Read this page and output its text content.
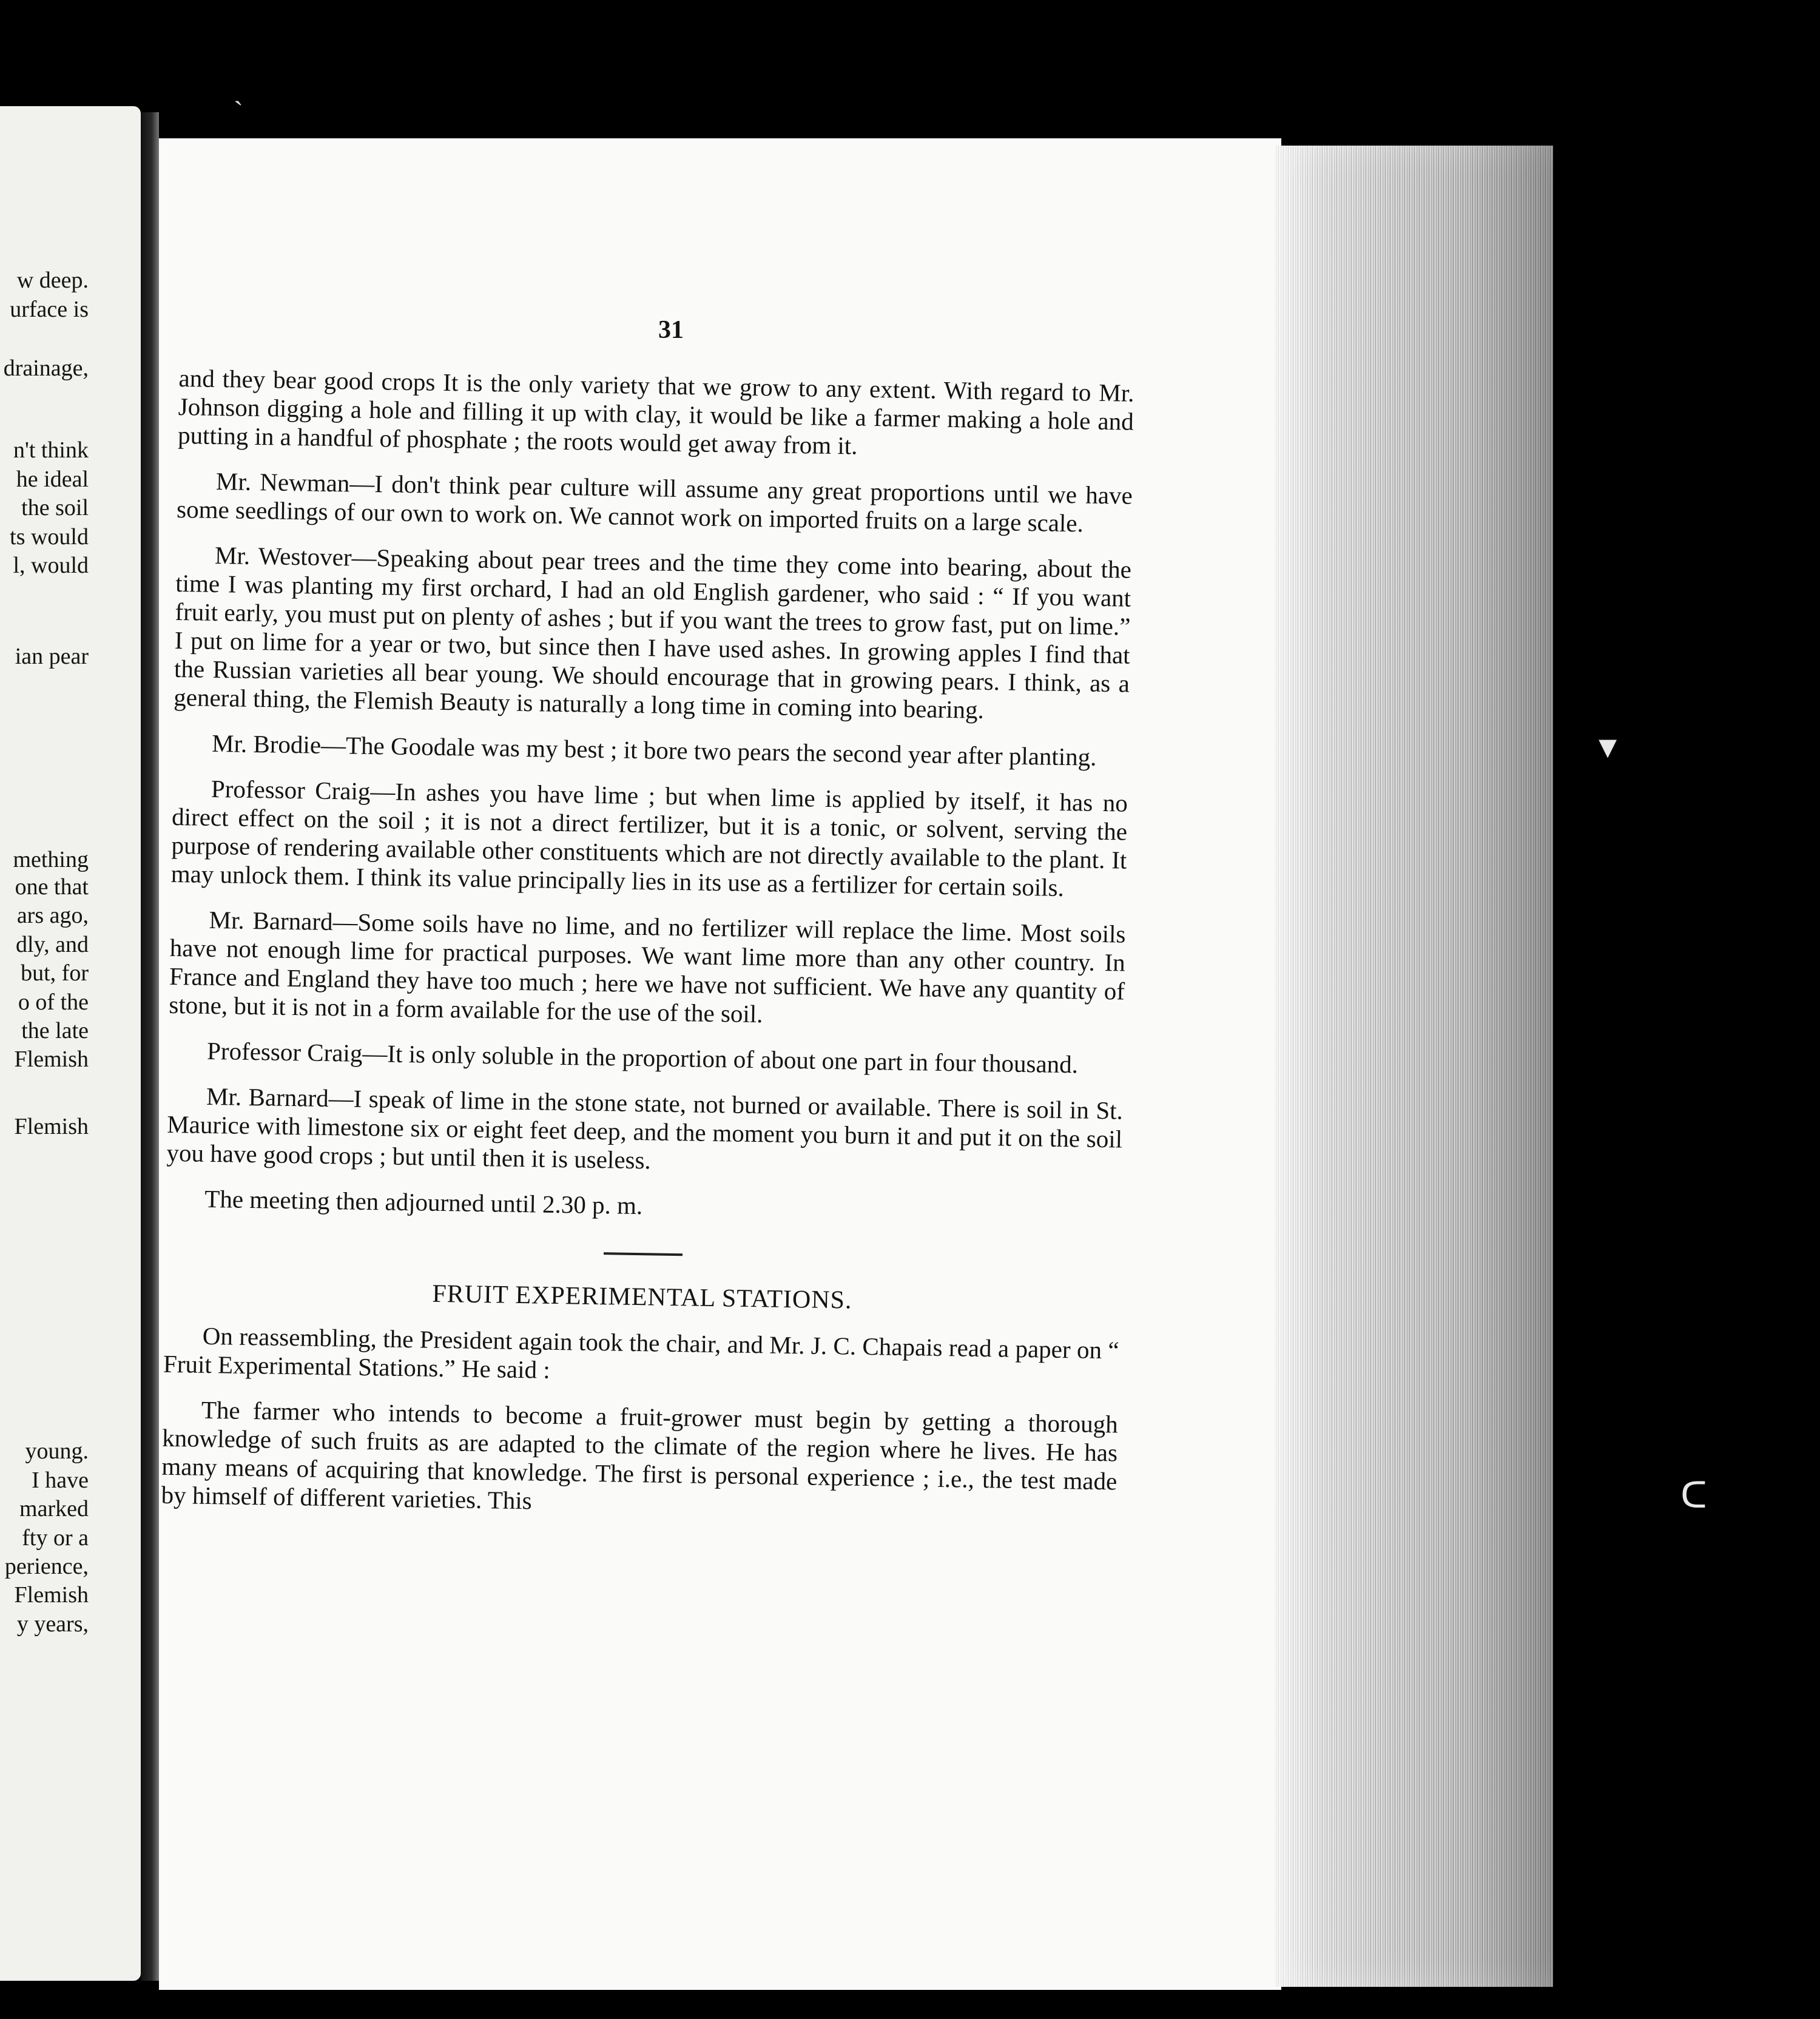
w deep.
urface is
drainage,
n't think
he ideal
the soil
ts would
l, would
ian pear
mething
one that
ars ago,
dly, and
but, for
o of the
the late
Flemish
Flemish
young.
I have
marked
fty or a
perience,
Flemish
y years,
ˏ
▾
ᑕ
31

and they bear good crops It is the only variety that we grow to any extent. With regard to Mr. Johnson digging a hole and filling it up with clay, it would be like a farmer making a hole and putting in a handful of phosphate ; the roots would get away from it.

Mr. Newman—I don't think pear culture will assume any great proportions until we have some seedlings of our own to work on. We cannot work on imported fruits on a large scale.

Mr. Westover—Speaking about pear trees and the time they come into bearing, about the time I was planting my first orchard, I had an old English gardener, who said : “ If you want fruit early, you must put on plenty of ashes ; but if you want the trees to grow fast, put on lime.” I put on lime for a year or two, but since then I have used ashes. In growing apples I find that the Russian varieties all bear young. We should encourage that in growing pears. I think, as a general thing, the Flemish Beauty is naturally a long time in coming into bearing.

Mr. Brodie—The Goodale was my best ; it bore two pears the second year after planting.

Professor Craig—In ashes you have lime ; but when lime is applied by itself, it has no direct effect on the soil ; it is not a direct fertilizer, but it is a tonic, or solvent, serving the purpose of rendering available other constituents which are not directly available to the plant. It may unlock them. I think its value principally lies in its use as a fertilizer for certain soils.

Mr. Barnard—Some soils have no lime, and no fertilizer will replace the lime. Most soils have not enough lime for practical purposes. We want lime more than any other country. In France and England they have too much ; here we have not sufficient. We have any quantity of stone, but it is not in a form available for the use of the soil.

Professor Craig—It is only soluble in the proportion of about one part in four thousand.

Mr. Barnard—I speak of lime in the stone state, not burned or available. There is soil in St. Maurice with limestone six or eight feet deep, and the moment you burn it and put it on the soil you have good crops ; but until then it is useless.

The meeting then adjourned until 2.30 p. m.

FRUIT EXPERIMENTAL STATIONS.

On reassembling, the President again took the chair, and Mr. J. C. Chapais read a paper on “ Fruit Experimental Stations.” He said :

The farmer who intends to become a fruit-grower must begin by getting a thorough knowledge of such fruits as are adapted to the climate of the region where he lives. He has many means of acquiring that knowledge. The first is personal experience ; i.e., the test made by himself of different varieties. This
